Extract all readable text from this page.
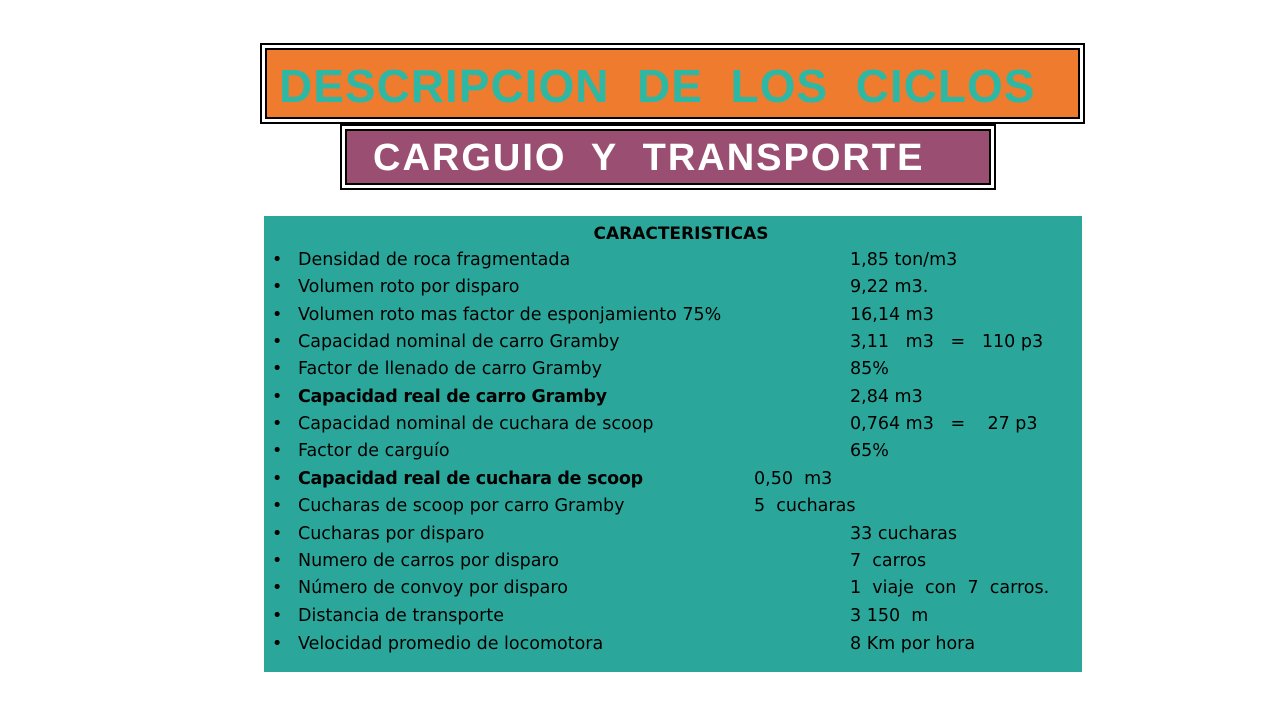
DESCRIPCION  DE  LOS  CICLOS
CARGUIO  Y  TRANSPORTE
CARACTERISTICAS
• Densidad de roca fragmentada	1,85 ton/m3
• Volumen roto por disparo	9,22 m3.
• Volumen roto mas factor de esponjamiento 75%	16,14 m3
• Capacidad nominal de carro Gramby	3,11   m3   =   110 p3
• Factor de llenado de carro Gramby	85%
• Capacidad real de carro Gramby	2,84 m3
• Capacidad nominal de cuchara de scoop	0,764 m3   =    27 p3
• Factor de carguío	65%
• Capacidad real de cuchara de scoop	0,50  m3
• Cucharas de scoop por carro Gramby	5  cucharas
• Cucharas por disparo	33 cucharas
• Numero de carros por disparo	7  carros
• Número de convoy por disparo	1  viaje  con  7  carros.
• Distancia de transporte	3 150  m
• Velocidad promedio de locomotora	8 Km por hora
